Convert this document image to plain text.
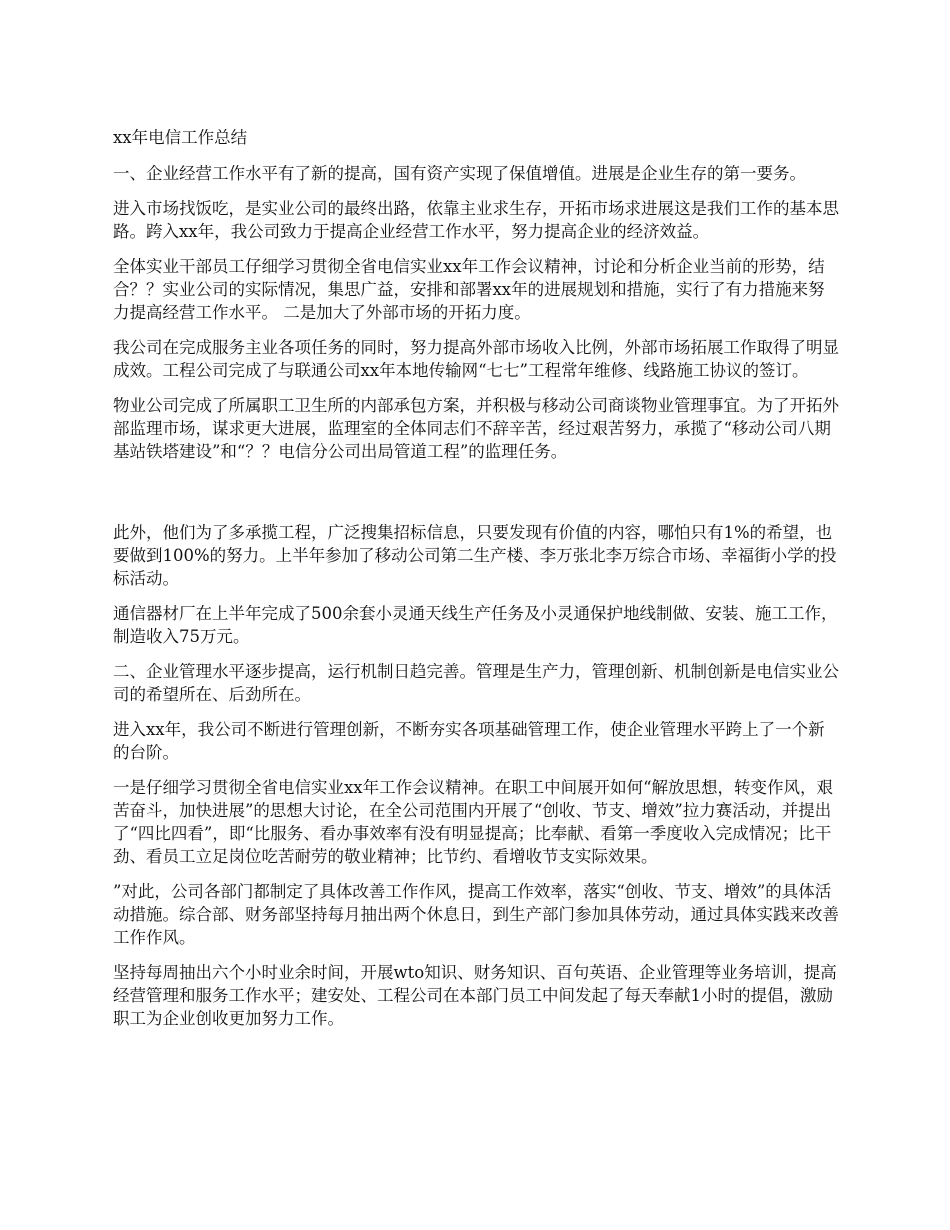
xx年电信工作总结

一、企业经营工作水平有了新的提高，国有资产实现了保值增值。进展是企业生存的第一要务。

进入市场找饭吃，是实业公司的最终出路，依靠主业求生存，开拓市场求进展这是我们工作的基本思路。跨入xx年，我公司致力于提高企业经营工作水平，努力提高企业的经济效益。

全体实业干部员工仔细学习贯彻全省电信实业xx年工作会议精神，讨论和分析企业当前的形势，结合？？实业公司的实际情况，集思广益，安排和部署xx年的进展规划和措施，实行了有力措施来努力提高经营工作水平。 二是加大了外部市场的开拓力度。

我公司在完成服务主业各项任务的同时，努力提高外部市场收入比例，外部市场拓展工作取得了明显成效。工程公司完成了与联通公司xx年本地传输网“七七”工程常年维修、线路施工协议的签订。

物业公司完成了所属职工卫生所的内部承包方案，并积极与移动公司商谈物业管理事宜。为了开拓外部监理市场，谋求更大进展，监理室的全体同志们不辞辛苦，经过艰苦努力，承揽了“移动公司八期基站铁塔建设”和“？？电信分公司出局管道工程”的监理任务。

此外，他们为了多承揽工程，广泛搜集招标信息，只要发现有价值的内容，哪怕只有1%的希望，也要做到100%的努力。上半年参加了移动公司第二生产楼、李万张北李万综合市场、幸福街小学的投标活动。

通信器材厂在上半年完成了500余套小灵通天线生产任务及小灵通保护地线制做、安装、施工工作，制造收入75万元。

二、企业管理水平逐步提高，运行机制日趋完善。管理是生产力，管理创新、机制创新是电信实业公司的希望所在、后劲所在。

进入xx年，我公司不断进行管理创新，不断夯实各项基础管理工作，使企业管理水平跨上了一个新的台阶。

一是仔细学习贯彻全省电信实业xx年工作会议精神。在职工中间展开如何“解放思想，转变作风，艰苦奋斗，加快进展”的思想大讨论，在全公司范围内开展了“创收、节支、增效”拉力赛活动，并提出了“四比四看”，即“比服务、看办事效率有没有明显提高；比奉献、看第一季度收入完成情况；比干劲、看员工立足岗位吃苦耐劳的敬业精神；比节约、看增收节支实际效果。

”对此，公司各部门都制定了具体改善工作作风，提高工作效率，落实“创收、节支、增效”的具体活动措施。综合部、财务部坚持每月抽出两个休息日，到生产部门参加具体劳动，通过具体实践来改善工作作风。

坚持每周抽出六个小时业余时间，开展wto知识、财务知识、百句英语、企业管理等业务培训，提高经营管理和服务工作水平；建安处、工程公司在本部门员工中间发起了每天奉献1小时的提倡，激励职工为企业创收更加努力工作。
